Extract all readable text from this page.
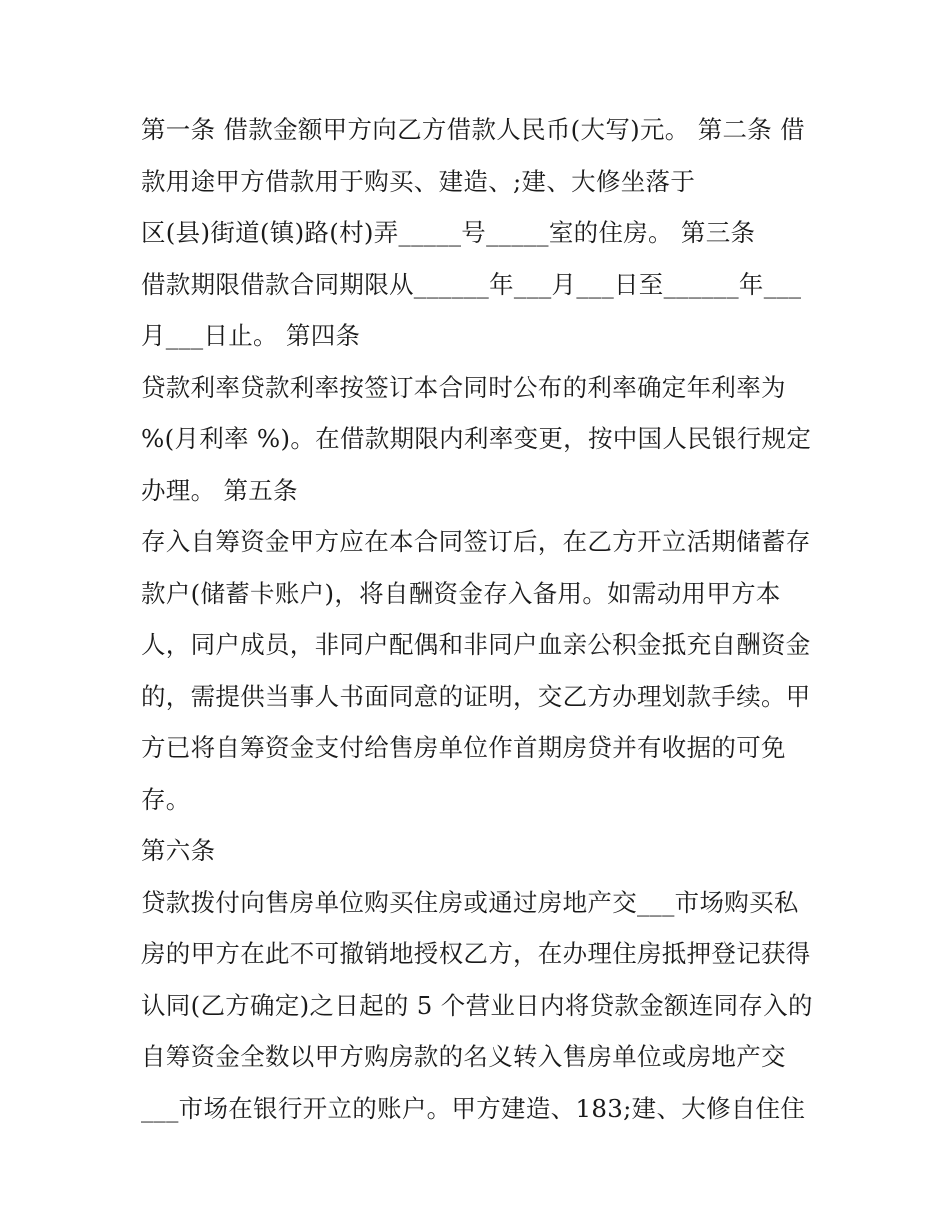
第一条 借款金额甲方向乙方借款人民币(大写)元。 第二条 借
款用途甲方借款用于购买、建造、;建、大修坐落于
区(县)街道(镇)路(村)弄_____号_____室的住房。 第三条
借款期限借款合同期限从______年___月___日至______年___
月___日止。 第四条
贷款利率贷款利率按签订本合同时公布的利率确定年利率为
%(月利率 %)。在借款期限内利率变更，按中国人民银行规定
办理。 第五条
存入自筹资金甲方应在本合同签订后，在乙方开立活期储蓄存
款户(储蓄卡账户)，将自酬资金存入备用。如需动用甲方本
人，同户成员，非同户配偶和非同户血亲公积金抵充自酬资金
的，需提供当事人书面同意的证明，交乙方办理划款手续。甲
方已将自筹资金支付给售房单位作首期房贷并有收据的可免
存。
第六条
贷款拨付向售房单位购买住房或通过房地产交___市场购买私
房的甲方在此不可撤销地授权乙方，在办理住房抵押登记获得
认同(乙方确定)之日起的 5 个营业日内将贷款金额连同存入的
自筹资金全数以甲方购房款的名义转入售房单位或房地产交
___市场在银行开立的账户。甲方建造、183;建、大修自住住
